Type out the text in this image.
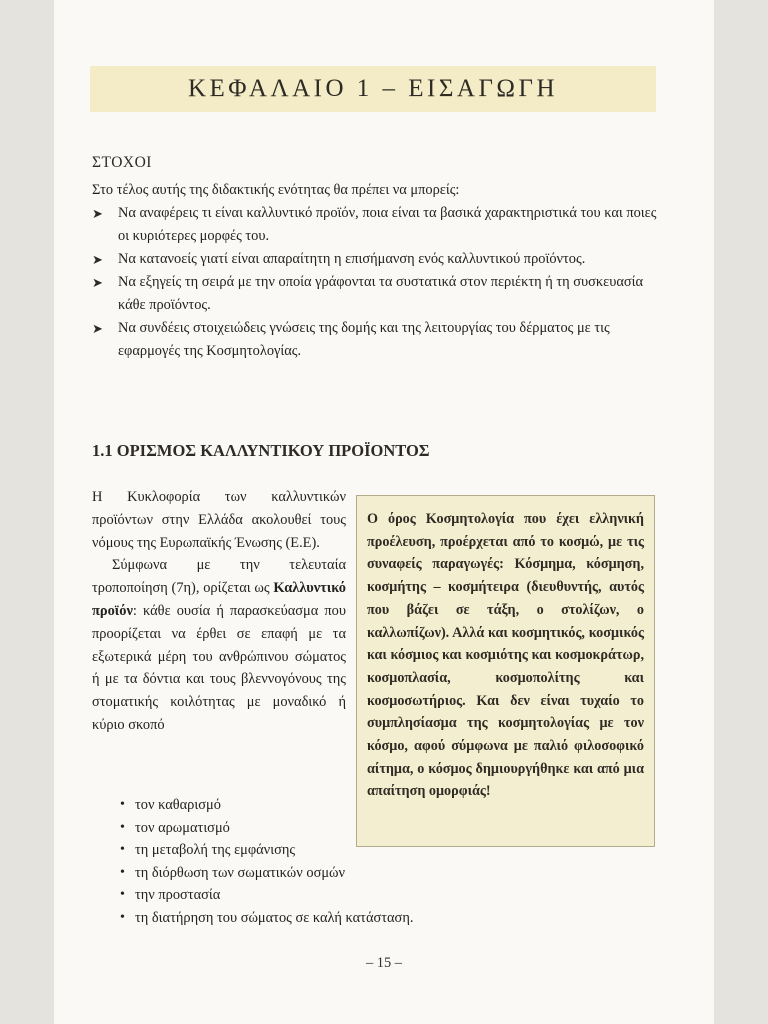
ΚΕΦΑΛΑΙΟ 1 – ΕΙΣΑΓΩΓΗ

ΣΤΟΧΟΙ

Στο τέλος αυτής της διδακτικής ενότητας θα πρέπει να μπορείς:

➤ Να αναφέρεις τι είναι καλλυντικό προϊόν, ποια είναι τα βασικά χαρακτηριστικά του και ποιες οι κυριότερες μορφές του.
➤ Να κατανοείς γιατί είναι απαραίτητη η επισήμανση ενός καλλυντικού προϊόντος.
➤ Να εξηγείς τη σειρά με την οποία γράφονται τα συστατικά στον περιέκτη ή τη συσκευασία κάθε προϊόντος.
➤ Να συνδέεις στοιχειώδεις γνώσεις της δομής και της λειτουργίας του δέρματος με τις εφαρμογές της Κοσμητολογίας.
1.1 ΟΡΙΣΜΟΣ ΚΑΛΛΥΝΤΙΚΟΥ ΠΡΟΪΟΝΤΟΣ

Η Κυκλοφορία των καλλυντικών προϊόντων στην Ελλάδα ακολουθεί τους νόμους της Ευρωπαϊκής Ένωσης (Ε.Ε).

Σύμφωνα με την τελευταία τροποποίηση (7η), ορίζεται ως Καλλυντικό προϊόν: κάθε ουσία ή παρασκεύασμα που προορίζεται να έρθει σε επαφή με τα εξωτερικά μέρη του ανθρώπινου σώματος ή με τα δόντια και τους βλεννογόνους της στοματικής κοιλότητας με μοναδικό ή κύριο σκοπό

Ο όρος Κοσμητολογία που έχει ελληνική προέλευση, προέρχεται από το κοσμώ, με τις συναφείς παραγωγές: Κόσμημα, κόσμηση, κοσμήτης – κοσμήτειρα (διευθυντής, αυτός που βάζει σε τάξη, ο στολίζων, ο καλλωπίζων). Αλλά και κοσμητικός, κοσμικός και κόσμιος και κοσμιότης και κοσμοκράτωρ, κοσμοπλασία, κοσμοπολίτης και κοσμοσωτήριος. Και δεν είναι τυχαίο το συμπλησίασμα της κοσμητολογίας με τον κόσμο, αφού σύμφωνα με παλιό φιλοσοφικό αίτημα, ο κόσμος δημιουργήθηκε και από μια απαίτηση ομορφιάς!

• τον καθαρισμό
• τον αρωματισμό
• τη μεταβολή της εμφάνισης
• τη διόρθωση των σωματικών οσμών
• την προστασία
• τη διατήρηση του σώματος σε καλή κατάσταση.
– 15 –
